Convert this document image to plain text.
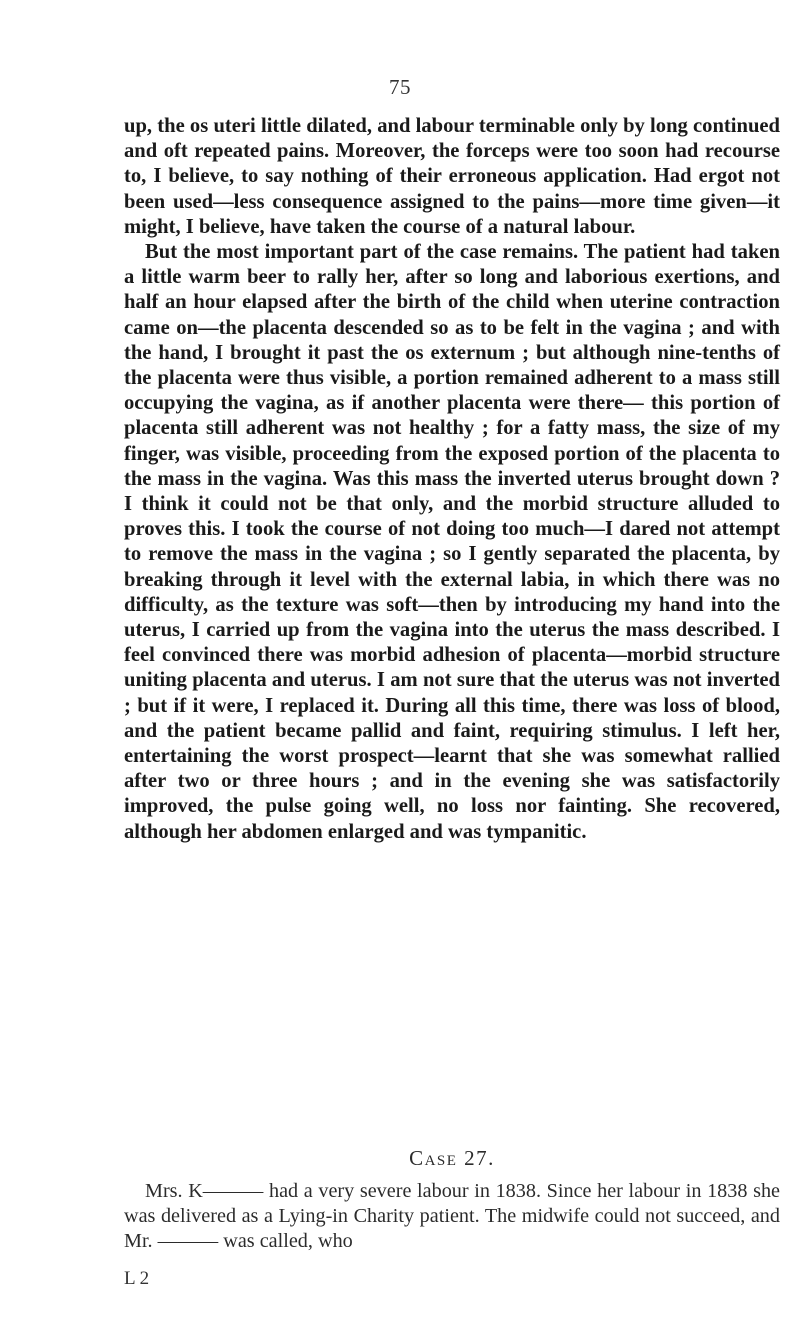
75

up, the os uteri little dilated, and labour terminable only by long continued and oft repeated pains. Moreover, the forceps were too soon had recourse to, I believe, to say nothing of their erroneous application. Had ergot not been used—less consequence assigned to the pains—more time given—it might, I believe, have taken the course of a natural labour.

But the most important part of the case remains. The patient had taken a little warm beer to rally her, after so long and laborious exertions, and half an hour elapsed after the birth of the child when uterine contraction came on—the placenta descended so as to be felt in the vagina ; and with the hand, I brought it past the os externum ; but although nine-tenths of the placenta were thus visible, a portion remained adherent to a mass still occupying the vagina, as if another placenta were there— this portion of placenta still adherent was not healthy ; for a fatty mass, the size of my finger, was visible, proceeding from the exposed portion of the placenta to the mass in the vagina. Was this mass the inverted uterus brought down ? I think it could not be that only, and the morbid structure alluded to proves this. I took the course of not doing too much—I dared not attempt to remove the mass in the vagina ; so I gently separated the placenta, by breaking through it level with the external labia, in which there was no difficulty, as the texture was soft—then by introducing my hand into the uterus, I carried up from the vagina into the uterus the mass described. I feel convinced there was morbid adhesion of placenta—morbid structure uniting placenta and uterus. I am not sure that the uterus was not inverted ; but if it were, I replaced it. During all this time, there was loss of blood, and the patient became pallid and faint, requiring stimulus. I left her, entertaining the worst prospect—learnt that she was somewhat rallied after two or three hours ; and in the evening she was satisfactorily improved, the pulse going well, no loss nor fainting. She recovered, although her abdomen enlarged and was tympanitic.

Case 27.

Mrs. K——— had a very severe labour in 1838. Since her labour in 1838 she was delivered as a Lying-in Charity patient. The midwife could not succeed, and Mr. ——— was called, who

L 2
